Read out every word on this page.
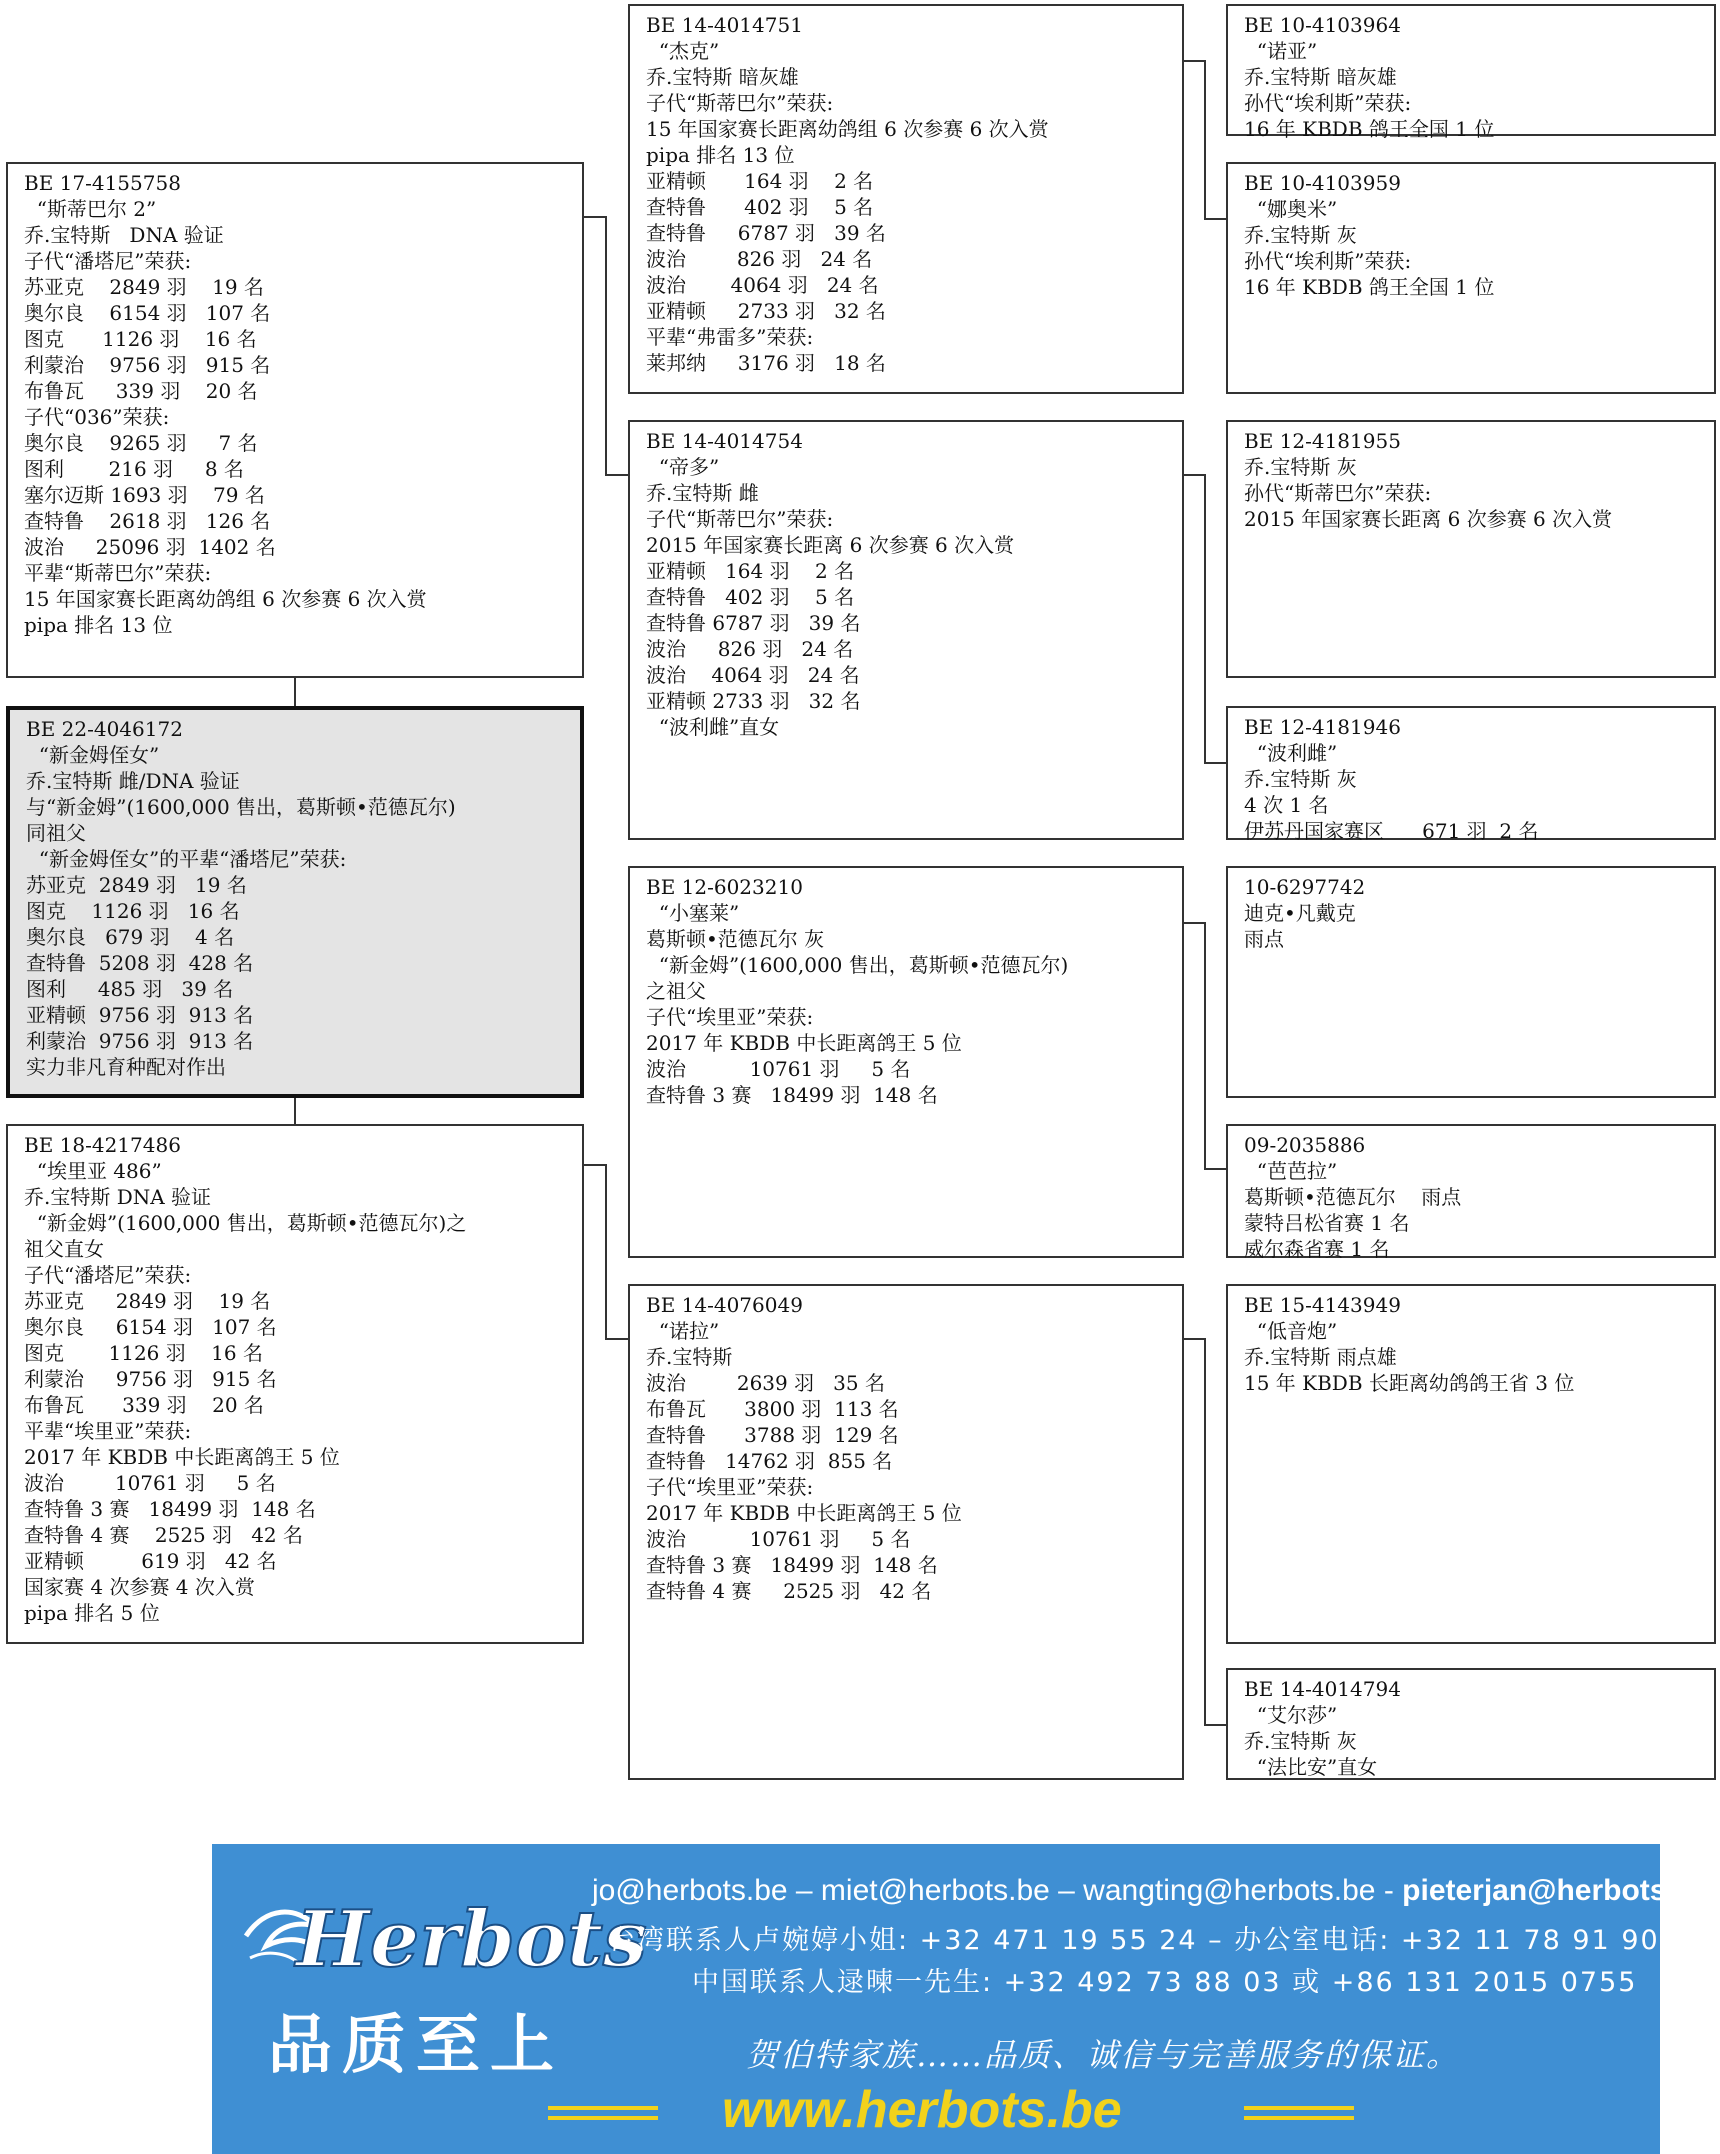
BE 14-4014751
“杰克”
乔.宝特斯 暗灰雄
子代“斯蒂巴尔”荣获:
15 年国家赛长距离幼鸽组 6 次参赛 6 次入赏
pipa 排名 13 位
亚精顿      164 羽    2 名
查特鲁      402 羽    5 名
查特鲁     6787 羽   39 名
波治        826 羽   24 名
波治       4064 羽   24 名
亚精顿     2733 羽   32 名
平辈“弗雷多”荣获:
莱邦纳     3176 羽   18 名
BE 10-4103964
“诺亚”
乔.宝特斯 暗灰雄
孙代“埃利斯”荣获:
16 年 KBDB 鸽王全国 1 位
BE 10-4103959
“娜奥米”
乔.宝特斯 灰
孙代“埃利斯”荣获:
16 年 KBDB 鸽王全国 1 位
BE 17-4155758
“斯蒂巴尔 2”
乔.宝特斯   DNA 验证
子代“潘塔尼”荣获:
苏亚克    2849 羽    19 名
奥尔良    6154 羽   107 名
图克      1126 羽    16 名
利蒙治    9756 羽   915 名
布鲁瓦     339 羽    20 名
子代“036”荣获:
奥尔良    9265 羽     7 名
图利       216 羽     8 名
塞尔迈斯 1693 羽    79 名
查特鲁    2618 羽   126 名
波治     25096 羽  1402 名
平辈“斯蒂巴尔”荣获:
15 年国家赛长距离幼鸽组 6 次参赛 6 次入赏
pipa 排名 13 位
BE 14-4014754
“帝多”
乔.宝特斯 雌
子代“斯蒂巴尔”荣获:
2015 年国家赛长距离 6 次参赛 6 次入赏
亚精顿   164 羽    2 名
查特鲁   402 羽    5 名
查特鲁 6787 羽   39 名
波治     826 羽   24 名
波治    4064 羽   24 名
亚精顿 2733 羽   32 名
“波利雌”直女
BE 12-4181955
乔.宝特斯 灰
孙代“斯蒂巴尔”荣获:
2015 年国家赛长距离 6 次参赛 6 次入赏
BE 12-4181946
“波利雌”
乔.宝特斯 灰
4 次 1 名
伊苏丹国家赛区      671 羽  2 名
BE 22-4046172
“新金姆侄女”
乔.宝特斯 雌/DNA 验证
与“新金姆”(1600,000 售出，葛斯顿•范德瓦尔)
同祖父
“新金姆侄女”的平辈“潘塔尼”荣获:
苏亚克  2849 羽   19 名
图克    1126 羽   16 名
奥尔良   679 羽    4 名
查特鲁  5208 羽  428 名
图利     485 羽   39 名
亚精顿  9756 羽  913 名
利蒙治  9756 羽  913 名
实力非凡育种配对作出
BE 12-6023210
“小塞莱”
葛斯顿•范德瓦尔 灰
“新金姆”(1600,000 售出，葛斯顿•范德瓦尔)
之祖父
子代“埃里亚”荣获:
2017 年 KBDB 中长距离鸽王 5 位
波治          10761 羽     5 名
查特鲁 3 赛   18499 羽  148 名
10-6297742
迪克•凡戴克
雨点
09-2035886
“芭芭拉”
葛斯顿•范德瓦尔    雨点
蒙特吕松省赛 1 名
威尔森省赛 1 名
BE 18-4217486
“埃里亚 486”
乔.宝特斯 DNA 验证
“新金姆”(1600,000 售出，葛斯顿•范德瓦尔)之
祖父直女
子代“潘塔尼”荣获:
苏亚克     2849 羽    19 名
奥尔良     6154 羽   107 名
图克       1126 羽    16 名
利蒙治     9756 羽   915 名
布鲁瓦      339 羽    20 名
平辈“埃里亚”荣获:
2017 年 KBDB 中长距离鸽王 5 位
波治        10761 羽     5 名
查特鲁 3 赛   18499 羽  148 名
查特鲁 4 赛    2525 羽   42 名
亚精顿         619 羽   42 名
国家赛 4 次参赛 4 次入赏
pipa 排名 5 位
BE 14-4076049
“诺拉”
乔.宝特斯
波治        2639 羽   35 名
布鲁瓦      3800 羽  113 名
查特鲁      3788 羽  129 名
查特鲁   14762 羽  855 名
子代“埃里亚”荣获:
2017 年 KBDB 中长距离鸽王 5 位
波治          10761 羽     5 名
查特鲁 3 赛   18499 羽  148 名
查特鲁 4 赛     2525 羽   42 名
BE 15-4143949
“低音炮”
乔.宝特斯 雨点雄
15 年 KBDB 长距离幼鸽鸽王省 3 位
BE 14-4014794
“艾尔莎”
乔.宝特斯 灰
“法比安”直女
Herbots
品质至上
jo@herbots.be – miet@herbots.be – wangting@herbots.be - pieterjan@herbots.be
台湾联系人卢婉婷小姐: +32 471 19 55 24 – 办公室电话: +32 11 78 91 90
中国联系人逯暕一先生: +32 492 73 88 03 或 +86 131 2015 0755
贺伯特家族……品质、诚信与完善服务的保证。
www.herbots.be
